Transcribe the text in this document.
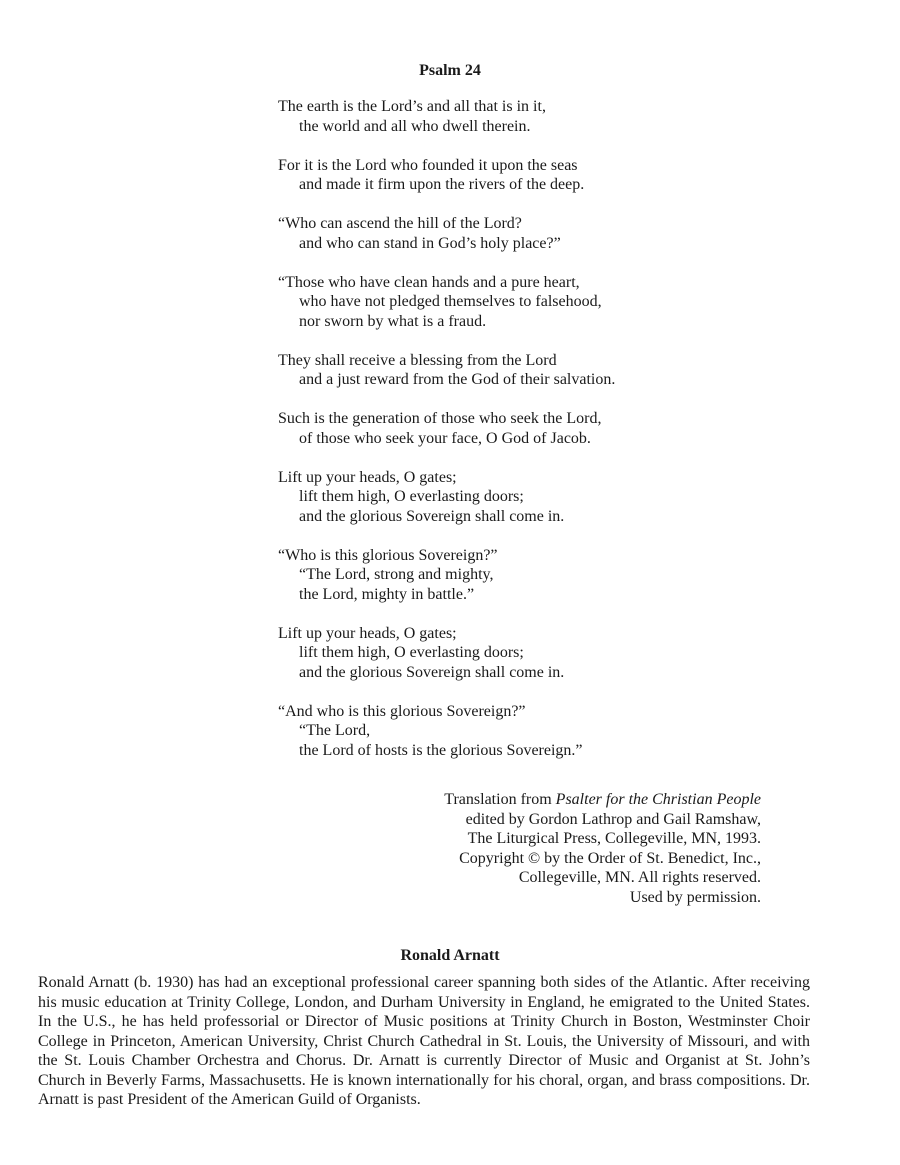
Psalm 24
The earth is the Lord’s and all that is in it,
the world and all who dwell therein.
For it is the Lord who founded it upon the seas
and made it firm upon the rivers of the deep.
“Who can ascend the hill of the Lord?
and who can stand in God’s holy place?”
“Those who have clean hands and a pure heart,
who have not pledged themselves to falsehood,
nor sworn by what is a fraud.
They shall receive a blessing from the Lord
and a just reward from the God of their salvation.
Such is the generation of those who seek the Lord,
of those who seek your face, O God of Jacob.
Lift up your heads, O gates;
lift them high, O everlasting doors;
and the glorious Sovereign shall come in.
“Who is this glorious Sovereign?”
“The Lord, strong and mighty,
the Lord, mighty in battle.”
Lift up your heads, O gates;
lift them high, O everlasting doors;
and the glorious Sovereign shall come in.
“And who is this glorious Sovereign?”
“The Lord,
the Lord of hosts is the glorious Sovereign.”
Translation from Psalter for the Christian People
edited by Gordon Lathrop and Gail Ramshaw,
The Liturgical Press, Collegeville, MN, 1993.
Copyright © by the Order of St. Benedict, Inc.,
Collegeville, MN. All rights reserved.
Used by permission.
Ronald Arnatt
Ronald Arnatt (b. 1930) has had an exceptional professional career spanning both sides of the Atlantic. After receiving his music education at Trinity College, London, and Durham University in England, he emigrated to the United States. In the U.S., he has held professorial or Director of Music positions at Trinity Church in Boston, Westminster Choir College in Princeton, American University, Christ Church Cathedral in St. Louis, the University of Missouri, and with the St. Louis Chamber Orchestra and Chorus. Dr. Arnatt is currently Director of Music and Organist at St. John’s Church in Beverly Farms, Massachusetts. He is known internationally for his choral, organ, and brass compositions. Dr. Arnatt is past President of the American Guild of Organists.
